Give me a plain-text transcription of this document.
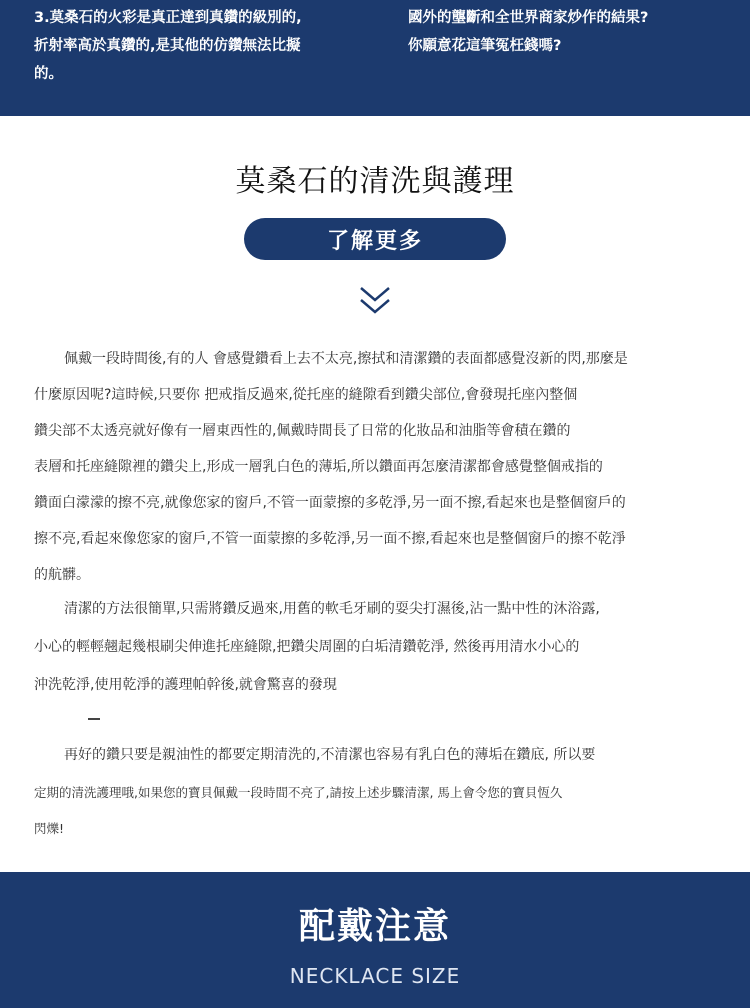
3.莫桑石的火彩是真正達到真鑽的級別的,

折射率高於真鑽的,是其他的仿鑽無法比擬

的。

國外的壟斷和全世界商家炒作的結果?

你願意花這筆冤枉錢嗎?

莫桑石的清洗與護理
了解更多
佩戴一段時間後,有的人 會感覺鑽看上去不太亮,擦拭和清潔鑽的表面都感覺沒新的閃,那麼是
什麼原因呢?這時候,只要你 把戒指反過來,從托座的縫隙看到鑽尖部位,會發現托座內整個
鑽尖部不太透亮就好像有一層東西性的,佩戴時間長了日常的化妝品和油脂等會積在鑽的
表層和托座縫隙裡的鑽尖上,形成一層乳白色的薄垢,所以鑽面再怎麼清潔都會感覺整個戒指的
鑽面白濛濛的擦不亮,就像您家的窗戶,不管一面蒙擦的多乾淨,另一面不擦,看起來也是整個窗戶的
擦不亮,看起來像您家的窗戶,不管一面蒙擦的多乾淨,另一面不擦,看起來也是整個窗戶的擦不乾淨
的航髒。
清潔的方法很簡單,只需將鑽反過來,用舊的軟毛牙刷的耍尖打濕後,沾一點中性的沐浴露,
小心的輕輕翹起幾根刷尖伸進托座縫隙,把鑽尖周圍的白垢清鑽乾淨, 然後再用清水小心的
沖洗乾淨,使用乾淨的護理帕幹後,就會驚喜的發現
再好的鑽只要是親油性的都要定期清洗的,不清潔也容易有乳白色的薄垢在鑽底, 所以要
定期的清洗護理哦,如果您的寶貝佩戴一段時間不亮了,請按上述步驟清潔, 馬上會令您的寶貝恆久
閃爍!
配戴注意
NECKLACE SIZE
